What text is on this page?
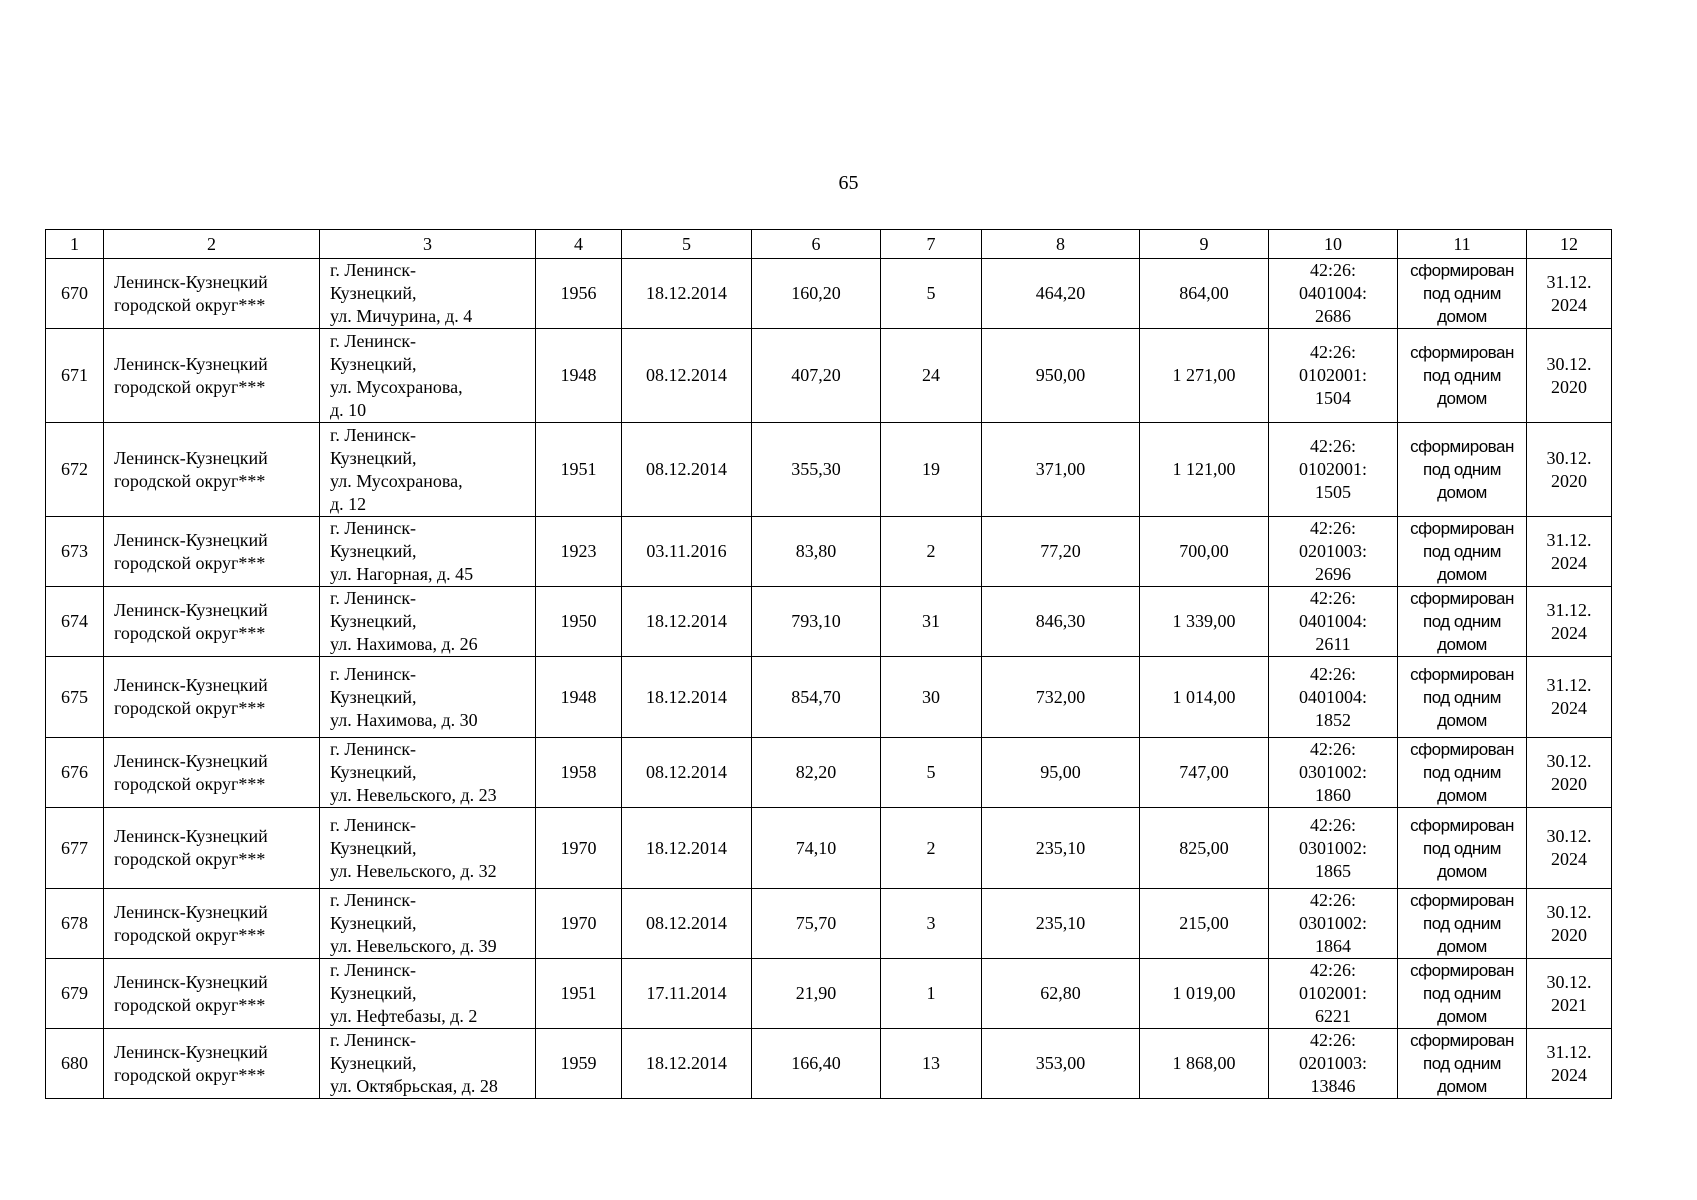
65
1	2	3	4	5	6	7	8	9	10	11	12
670	Ленинск-Кузнецкий городской округ***	г. Ленинск-
Кузнецкий,
ул. Мичурина, д. 4	1956	18.12.2014	160,20	5	464,20	864,00	42:26:
0401004:
2686	сформирован
под одним
домом	31.12.
2024
671	Ленинск-Кузнецкий городской округ***	г. Ленинск-
Кузнецкий,
ул. Мусохранова,
д. 10	1948	08.12.2014	407,20	24	950,00	1 271,00	42:26:
0102001:
1504	сформирован
под одним
домом	30.12.
2020
672	Ленинск-Кузнецкий городской округ***	г. Ленинск-
Кузнецкий,
ул. Мусохранова,
д. 12	1951	08.12.2014	355,30	19	371,00	1 121,00	42:26:
0102001:
1505	сформирован
под одним
домом	30.12.
2020
673	Ленинск-Кузнецкий городской округ***	г. Ленинск-
Кузнецкий,
ул. Нагорная, д. 45	1923	03.11.2016	83,80	2	77,20	700,00	42:26:
0201003:
2696	сформирован
под одним
домом	31.12.
2024
674	Ленинск-Кузнецкий городской округ***	г. Ленинск-
Кузнецкий,
ул. Нахимова, д. 26	1950	18.12.2014	793,10	31	846,30	1 339,00	42:26:
0401004:
2611	сформирован
под одним
домом	31.12.
2024
675	Ленинск-Кузнецкий городской округ***	г. Ленинск-
Кузнецкий,
ул. Нахимова, д. 30	1948	18.12.2014	854,70	30	732,00	1 014,00	42:26:
0401004:
1852	сформирован
под одним
домом	31.12.
2024
676	Ленинск-Кузнецкий городской округ***	г. Ленинск-
Кузнецкий,
ул. Невельского, д. 23	1958	08.12.2014	82,20	5	95,00	747,00	42:26:
0301002:
1860	сформирован
под одним
домом	30.12.
2020
677	Ленинск-Кузнецкий городской округ***	г. Ленинск-
Кузнецкий,
ул. Невельского, д. 32	1970	18.12.2014	74,10	2	235,10	825,00	42:26:
0301002:
1865	сформирован
под одним
домом	30.12.
2024
678	Ленинск-Кузнецкий городской округ***	г. Ленинск-
Кузнецкий,
ул. Невельского, д. 39	1970	08.12.2014	75,70	3	235,10	215,00	42:26:
0301002:
1864	сформирован
под одним
домом	30.12.
2020
679	Ленинск-Кузнецкий городской округ***	г. Ленинск-
Кузнецкий,
ул. Нефтебазы, д. 2	1951	17.11.2014	21,90	1	62,80	1 019,00	42:26:
0102001:
6221	сформирован
под одним
домом	30.12.
2021
680	Ленинск-Кузнецкий городской округ***	г. Ленинск-
Кузнецкий,
ул. Октябрьская, д. 28	1959	18.12.2014	166,40	13	353,00	1 868,00	42:26:
0201003:
13846	сформирован
под одним
домом	31.12.
2024
